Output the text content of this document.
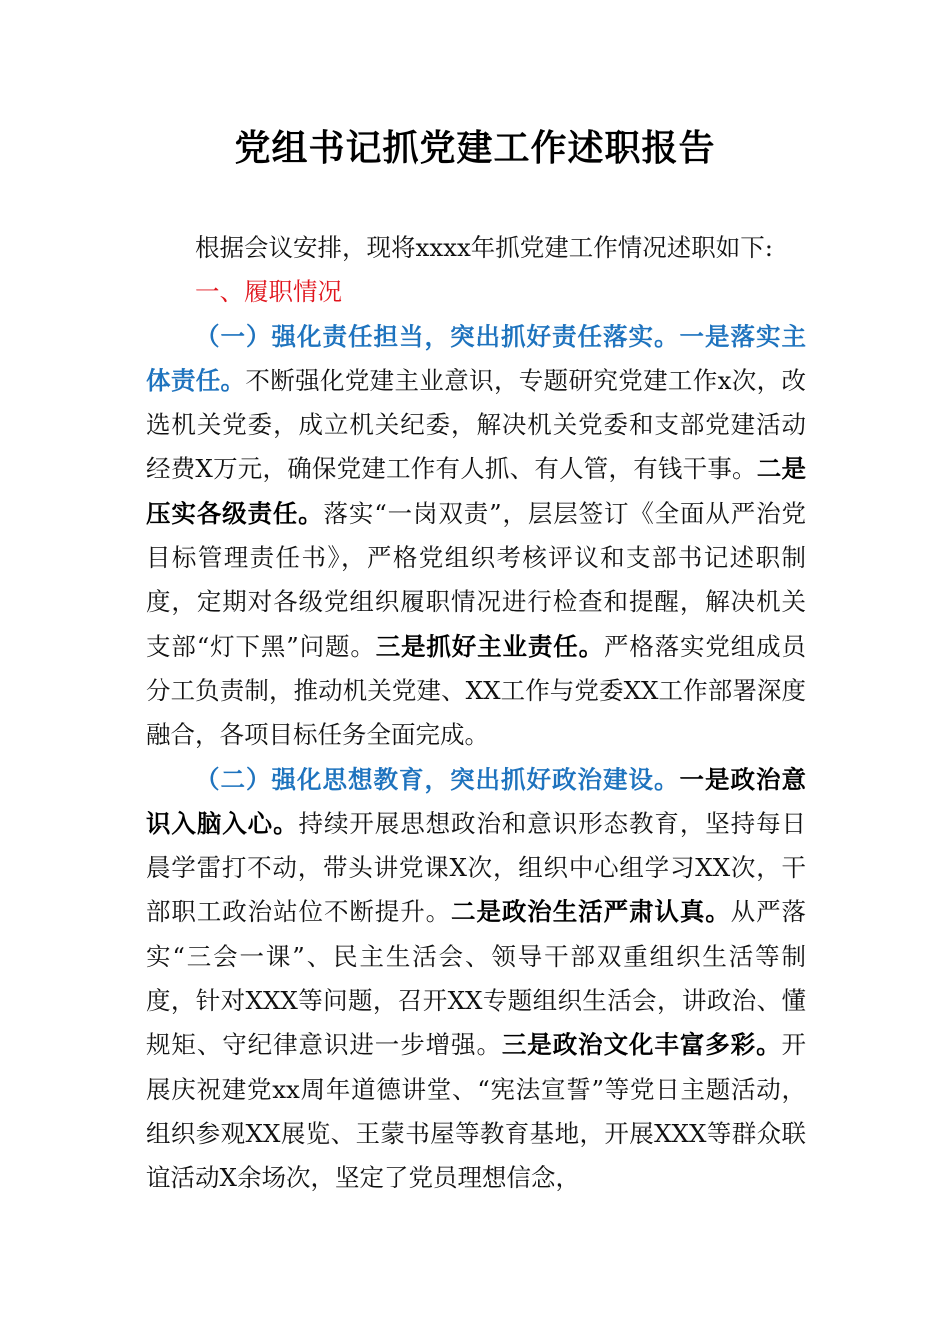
党组书记抓党建工作述职报告

根据会议安排，现将xxxx年抓党建工作情况述职如下:

一、履职情况

（一）强化责任担当，突出抓好责任落实。一是落实主体责任。不断强化党建主业意识，专题研究党建工作x次，改选机关党委，成立机关纪委，解决机关党委和支部党建活动经费X万元，确保党建工作有人抓、有人管，有钱干事。二是压实各级责任。落实“一岗双责”，层层签订《全面从严治党目标管理责任书》，严格党组织考核评议和支部书记述职制度，定期对各级党组织履职情况进行检查和提醒，解决机关支部“灯下黑”问题。三是抓好主业责任。严格落实党组成员分工负责制，推动机关党建、XX工作与党委XX工作部署深度融合，各项目标任务全面完成。

（二）强化思想教育，突出抓好政治建设。一是政治意识入脑入心。持续开展思想政治和意识形态教育，坚持每日晨学雷打不动，带头讲党课X次，组织中心组学习XX次，干部职工政治站位不断提升。二是政治生活严肃认真。从严落实“三会一课”、民主生活会、领导干部双重组织生活等制度，针对XXX等问题，召开XX专题组织生活会，讲政治、懂规矩、守纪律意识进一步增强。三是政治文化丰富多彩。开展庆祝建党xx周年道德讲堂、“宪法宣誓”等党日主题活动，组织参观XX展览、王蒙书屋等教育基地，开展XXX等群众联谊活动X余场次，坚定了党员理想信念，
